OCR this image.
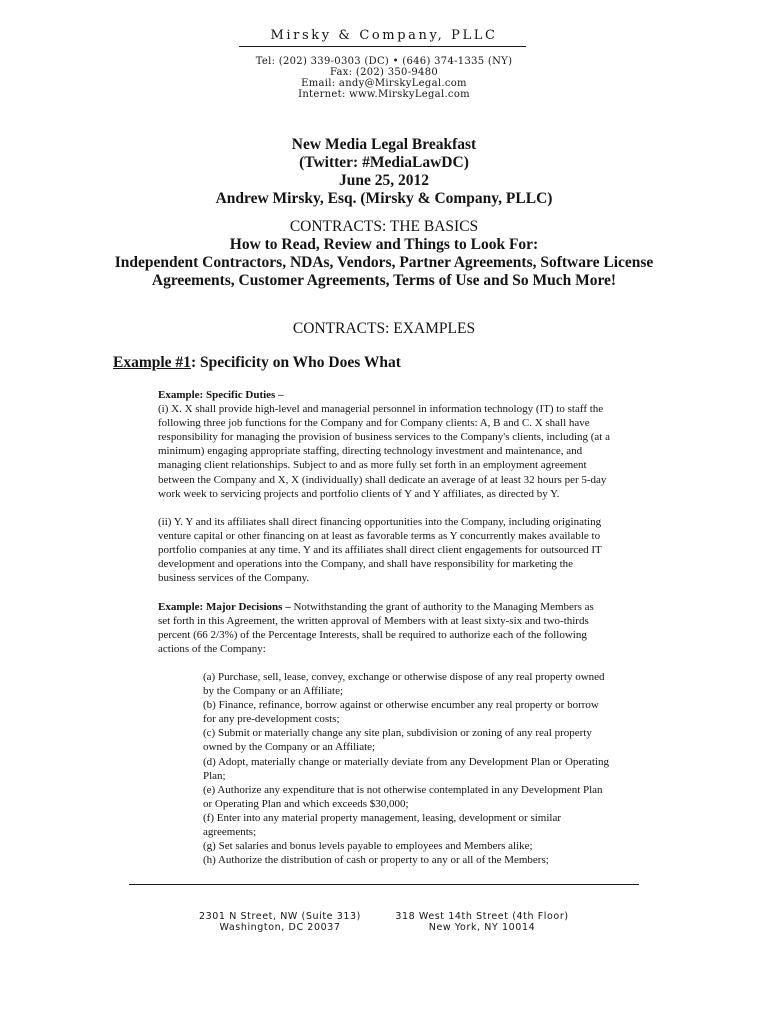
Mirsky & Company, PLLC
Tel: (202) 339-0303 (DC) • (646) 374-1335 (NY)
Fax: (202) 350-9480
Email: andy@MirskyLegal.com
Internet: www.MirskyLegal.com
New Media Legal Breakfast
(Twitter: #MediaLawDC)
June 25, 2012
Andrew Mirsky, Esq. (Mirsky & Company, PLLC)
CONTRACTS: THE BASICS
How to Read, Review and Things to Look For:
Independent Contractors, NDAs, Vendors, Partner Agreements, Software License
Agreements, Customer Agreements, Terms of Use and So Much More!
CONTRACTS: EXAMPLES
Example #1: Specificity on Who Does What
Example: Specific Duties –
(i) X. X shall provide high-level and managerial personnel in information technology (IT) to staff the
following three job functions for the Company and for Company clients: A, B and C. X shall have
responsibility for managing the provision of business services to the Company's clients, including (at a
minimum) engaging appropriate staffing, directing technology investment and maintenance, and
managing client relationships. Subject to and as more fully set forth in an employment agreement
between the Company and X, X (individually) shall dedicate an average of at least 32 hours per 5-day
work week to servicing projects and portfolio clients of Y and Y affiliates, as directed by Y.
(ii) Y. Y and its affiliates shall direct financing opportunities into the Company, including originating
venture capital or other financing on at least as favorable terms as Y concurrently makes available to
portfolio companies at any time. Y and its affiliates shall direct client engagements for outsourced IT
development and operations into the Company, and shall have responsibility for marketing the
business services of the Company.
Example: Major Decisions – Notwithstanding the grant of authority to the Managing Members as
set forth in this Agreement, the written approval of Members with at least sixty-six and two-thirds
percent (66 2/3%) of the Percentage Interests, shall be required to authorize each of the following
actions of the Company:
(a) Purchase, sell, lease, convey, exchange or otherwise dispose of any real property owned
by the Company or an Affiliate;
(b) Finance, refinance, borrow against or otherwise encumber any real property or borrow
for any pre-development costs;
(c) Submit or materially change any site plan, subdivision or zoning of any real property
owned by the Company or an Affiliate;
(d) Adopt, materially change or materially deviate from any Development Plan or Operating
Plan;
(e) Authorize any expenditure that is not otherwise contemplated in any Development Plan
or Operating Plan and which exceeds $30,000;
(f) Enter into any material property management, leasing, development or similar
agreements;
(g) Set salaries and bonus levels payable to employees and Members alike;
(h) Authorize the distribution of cash or property to any or all of the Members;
2301 N Street, NW (Suite 313)
Washington, DC 20037
318 West 14th Street (4th Floor)
New York, NY 10014
